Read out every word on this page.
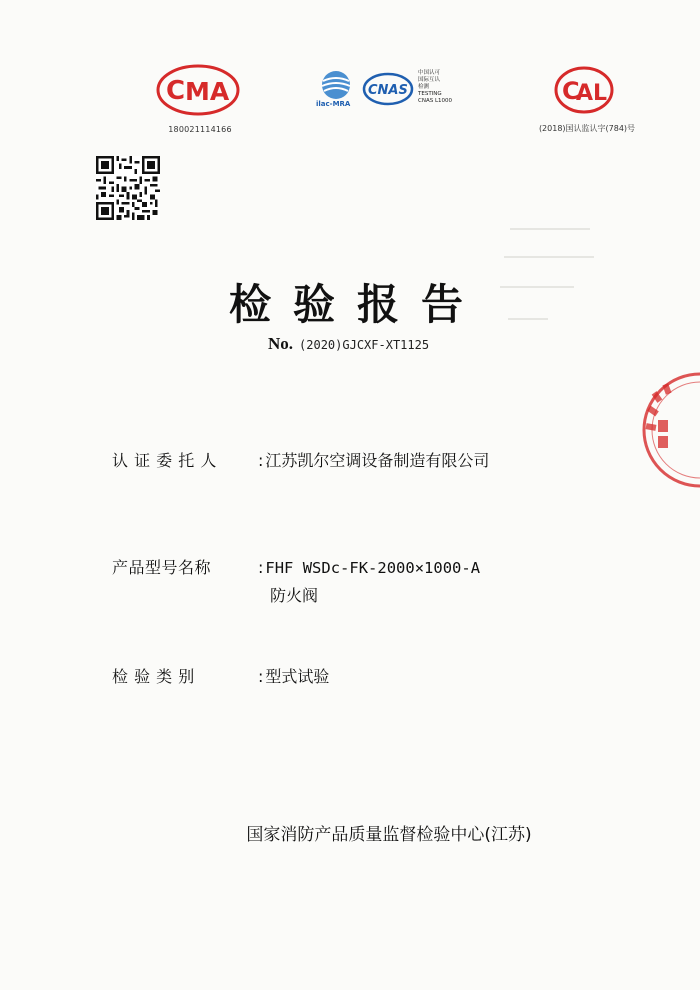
C MA
180021114166
ilac-MRA
CNAS
中国认可
国际互认
检测
TESTING
CNAS L1000	C
AL
(2018)国认监认字(784)号
检验报告
No. (2020)GJCXF-XT1125
认 证 委 托 人	: 江苏凯尔空调设备制造有限公司
产品型号名称	: FHF WSDc-FK-2000×1000-A
防火阀
检 验 类 别	: 型式试验
国家消防产品质量监督检验中心(江苏)
